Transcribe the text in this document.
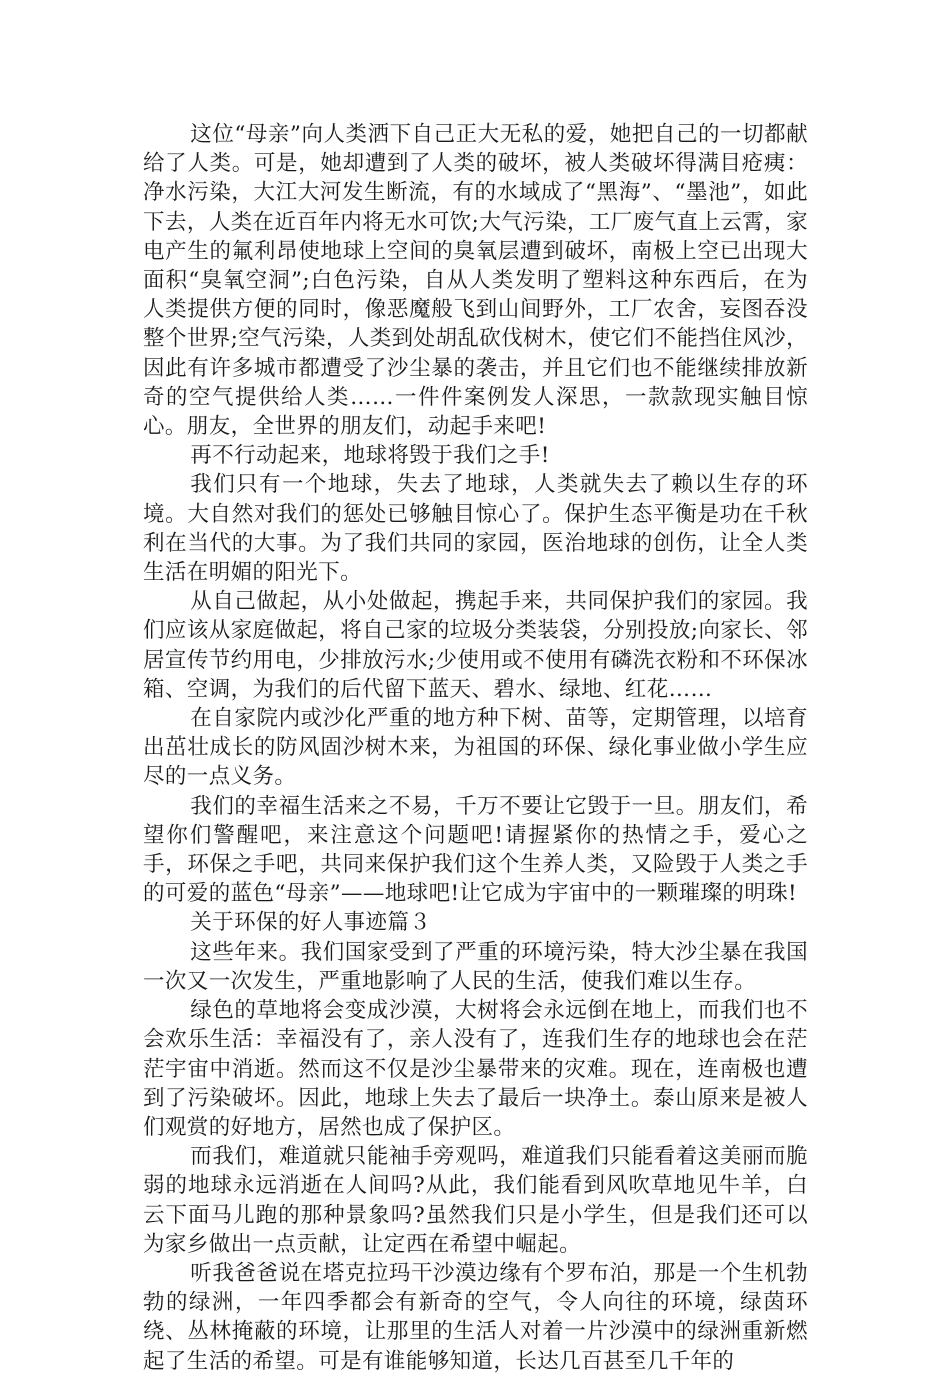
这位“母亲”向人类洒下自己正大无私的爱，她把自己的一切都献给了人类。可是，她却遭到了人类的破坏，被人类破坏得满目疮痍：净水污染，大江大河发生断流，有的水域成了“黑海”、“墨池”，如此下去，人类在近百年内将无水可饮;大气污染，工厂废气直上云霄，家电产生的氟利昂使地球上空间的臭氧层遭到破坏，南极上空已出现大面积“臭氧空洞”;白色污染，自从人类发明了塑料这种东西后，在为人类提供方便的同时，像恶魔般飞到山间野外，工厂农舍，妄图吞没整个世界;空气污染，人类到处胡乱砍伐树木，使它们不能挡住风沙，因此有许多城市都遭受了沙尘暴的袭击，并且它们也不能继续排放新奇的空气提供给人类……一件件案例发人深思，一款款现实触目惊心。朋友，全世界的朋友们，动起手来吧!

再不行动起来，地球将毁于我们之手!

我们只有一个地球，失去了地球，人类就失去了赖以生存的环境。大自然对我们的惩处已够触目惊心了。保护生态平衡是功在千秋利在当代的大事。为了我们共同的家园，医治地球的创伤，让全人类生活在明媚的阳光下。

从自己做起，从小处做起，携起手来，共同保护我们的家园。我们应该从家庭做起，将自己家的垃圾分类装袋，分别投放;向家长、邻居宣传节约用电，少排放污水;少使用或不使用有磷洗衣粉和不环保冰箱、空调，为我们的后代留下蓝天、碧水、绿地、红花……

在自家院内或沙化严重的地方种下树、苗等，定期管理，以培育出茁壮成长的防风固沙树木来，为祖国的环保、绿化事业做小学生应尽的一点义务。

我们的幸福生活来之不易，千万不要让它毁于一旦。朋友们，希望你们警醒吧，来注意这个问题吧!请握紧你的热情之手，爱心之手，环保之手吧，共同来保护我们这个生养人类，又险毁于人类之手的可爱的蓝色“母亲”——地球吧!让它成为宇宙中的一颗璀璨的明珠!

关于环保的好人事迹篇３

这些年来。我们国家受到了严重的环境污染，特大沙尘暴在我国一次又一次发生，严重地影响了人民的生活，使我们难以生存。

绿色的草地将会变成沙漠，大树将会永远倒在地上，而我们也不会欢乐生活：幸福没有了，亲人没有了，连我们生存的地球也会在茫茫宇宙中消逝。然而这不仅是沙尘暴带来的灾难。现在，连南极也遭到了污染破坏。因此，地球上失去了最后一块净土。泰山原来是被人们观赏的好地方，居然也成了保护区。

而我们，难道就只能袖手旁观吗，难道我们只能看着这美丽而脆弱的地球永远消逝在人间吗?从此，我们能看到风吹草地见牛羊，白云下面马儿跑的那种景象吗?虽然我们只是小学生，但是我们还可以为家乡做出一点贡献，让定西在希望中崛起。

听我爸爸说在塔克拉玛干沙漠边缘有个罗布泊，那是一个生机勃勃的绿洲，一年四季都会有新奇的空气，令人向往的环境，绿茵环绕、丛林掩蔽的环境，让那里的生活人对着一片沙漠中的绿洲重新燃起了生活的希望。可是有谁能够知道，长达几百甚至几千年的
